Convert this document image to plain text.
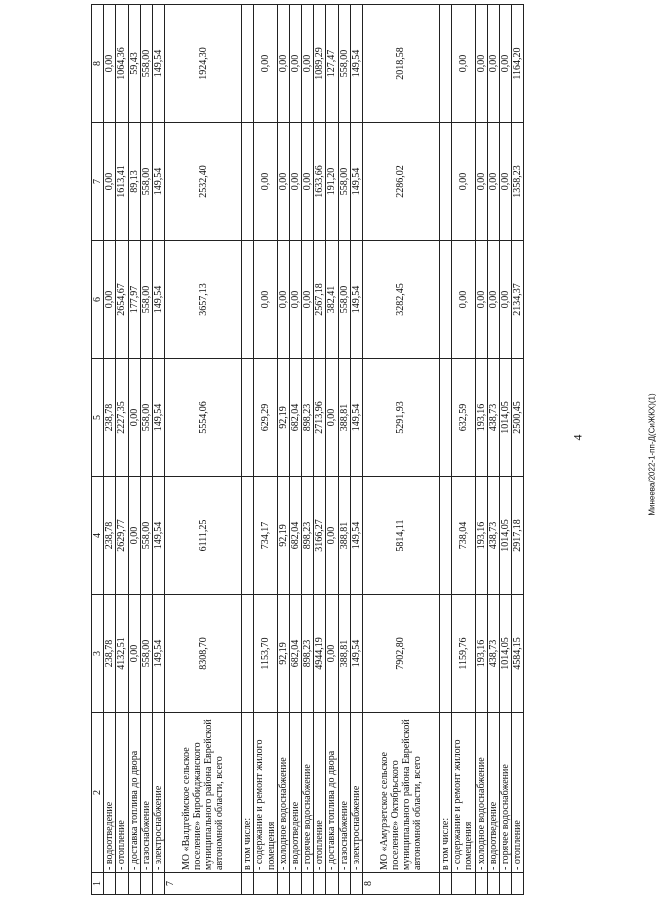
4	Минеева/2022-1-пп-Д(СиЖКХ)(1)
1	2	3	4	5	6	7	8
	- водоотведение	238,78	238,78	238,78	0,00	0,00	0,00
	- отопление	4132,51	2629,77	2227,35	2654,67	1613,41	1064,36
	- доставка топлива до двора	0,00	0,00	0,00	177,97	89,13	59,43
	- газоснабжение	558,00	558,00	558,00	558,00	558,00	558,00
	- электроснабжение	149,54	149,54	149,54	149,54	149,54	149,54
7	МО «Валдгеймское сельское поселение» Биробиджанского муниципального района Еврейской автономной области, всего	8308,70	6111,25	5554,06	3657,13	2532,40	1924,30
	в том числе:						
	- содержание и ремонт жилого помещения	1153,70	734,17	629,29	0,00	0,00	0,00
	- холодное водоснабжение	92,19	92,19	92,19	0,00	0,00	0,00
	- водоотведение	682,04	682,04	682,04	0,00	0,00	0,00
	- горячее водоснабжение	898,23	898,23	898,23	0,00	0,00	0,00
	- отопление	4944,19	3166,27	2713,96	2567,18	1633,66	1089,29
	- доставка топлива до двора	0,00	0,00	0,00	382,41	191,20	127,47
	- газоснабжение	388,81	388,81	388,81	558,00	558,00	558,00
	- электроснабжение	149,54	149,54	149,54	149,54	149,54	149,54
8	МО «Амурзетское сельское поселение» Октябрьского муниципального района Еврейской автономной области, всего	7902,80	5814,11	5291,93	3282,45	2286,02	2018,58
	в том числе:						
	- содержание и ремонт жилого помещения	1159,76	738,04	632,59	0,00	0,00	0,00
	- холодное водоснабжение	193,16	193,16	193,16	0,00	0,00	0,00
	- водоотведение	438,73	438,73	438,73	0,00	0,00	0,00
	- горячее водоснабжение	1014,05	1014,05	1014,05	0,00	0,00	0,00
	- отопление	4584,15	2917,18	2500,45	2134,37	1358,23	1164,20
